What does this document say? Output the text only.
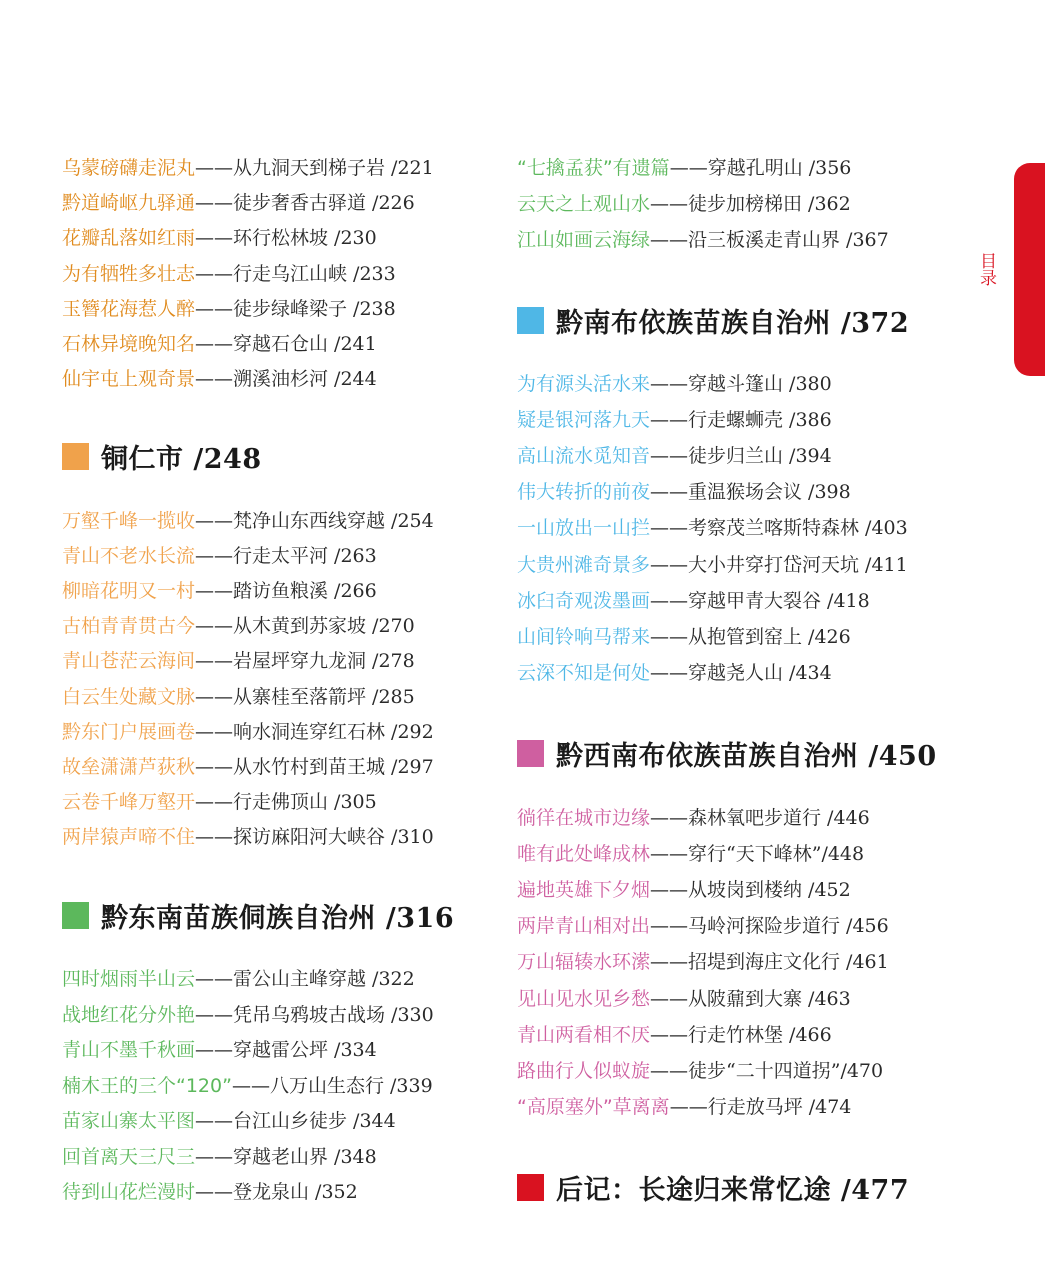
目录
乌蒙磅礴走泥丸——从九洞天到梯子岩 /221
黔道崎岖九驿通——徒步奢香古驿道 /226
花瓣乱落如红雨——环行松林坡 /230
为有牺牲多壮志——行走乌江山峡 /233
玉簪花海惹人醉——徒步绿峰梁子 /238
石林异境晚知名——穿越石仓山 /241
仙宇屯上观奇景——溯溪油杉河 /244
铜仁市 /248
万壑千峰一揽收——梵净山东西线穿越 /254
青山不老水长流——行走太平河 /263
柳暗花明又一村——踏访鱼粮溪 /266
古柏青青贯古今——从木黄到苏家坡 /270
青山苍茫云海间——岩屋坪穿九龙洞 /278
白云生处藏文脉——从寨桂至落箭坪 /285
黔东门户展画卷——响水洞连穿红石林 /292
故垒潇潇芦荻秋——从水竹村到苗王城 /297
云卷千峰万壑开——行走佛顶山 /305
两岸猿声啼不住——探访麻阳河大峡谷 /310
黔东南苗族侗族自治州 /316
四时烟雨半山云——雷公山主峰穿越 /322
战地红花分外艳——凭吊乌鸦坡古战场 /330
青山不墨千秋画——穿越雷公坪 /334
楠木王的三个“120”——八万山生态行 /339
苗家山寨太平图——台江山乡徒步 /344
回首离天三尺三——穿越老山界 /348
待到山花烂漫时——登龙泉山 /352
“七擒孟获”有遗篇——穿越孔明山 /356
云天之上观山水——徒步加榜梯田 /362
江山如画云海绿——沿三板溪走青山界 /367
黔南布依族苗族自治州 /372
为有源头活水来——穿越斗篷山 /380
疑是银河落九天——行走螺蛳壳 /386
高山流水觅知音——徒步归兰山 /394
伟大转折的前夜——重温猴场会议 /398
一山放出一山拦——考察茂兰喀斯特森林 /403
大贵州滩奇景多——大小井穿打岱河天坑 /411
冰臼奇观泼墨画——穿越甲青大裂谷 /418
山间铃响马帮来——从抱管到窑上 /426
云深不知是何处——穿越尧人山 /434
黔西南布依族苗族自治州 /450
徜徉在城市边缘——森林氧吧步道行 /446
唯有此处峰成林——穿行“天下峰林”/448
遍地英雄下夕烟——从坡岗到楼纳 /452
两岸青山相对出——马岭河探险步道行 /456
万山辐辏水环潆——招堤到海庄文化行 /461
见山见水见乡愁——从陂鼐到大寨 /463
青山两看相不厌——行走竹林堡 /466
路曲行人似蚁旋——徒步“二十四道拐”/470
“高原塞外”草离离——行走放马坪 /474
后记：长途归来常忆途 /477
